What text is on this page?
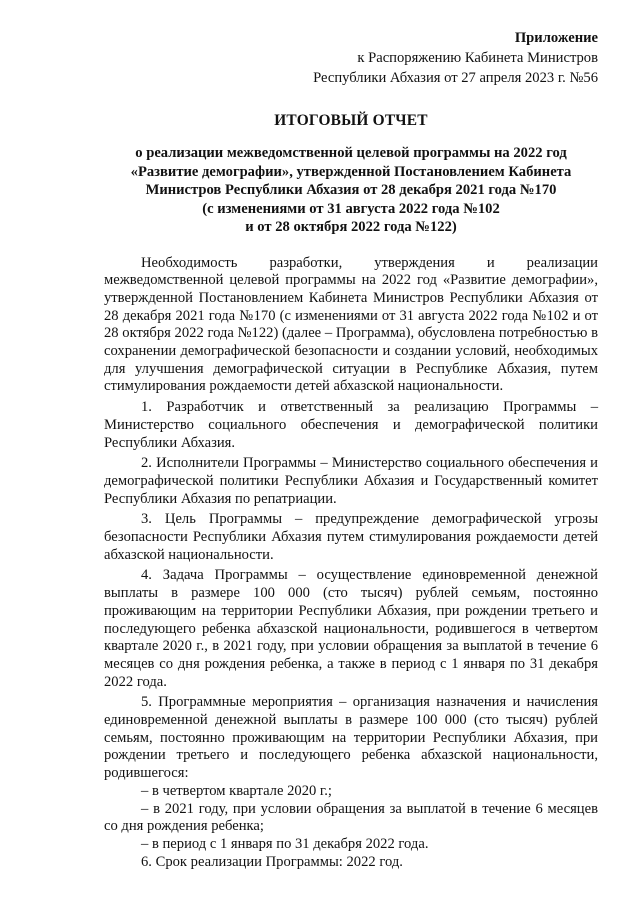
Приложение
к Распоряжению Кабинета Министров
Республики Абхазия от 27 апреля 2023 г. №56
ИТОГОВЫЙ ОТЧЕТ
о реализации межведомственной целевой программы на 2022 год
«Развитие демографии», утвержденной Постановлением Кабинета
Министров Республики Абхазия от 28 декабря 2021 года №170
(с изменениями от 31 августа 2022 года №102
и от 28 октября 2022 года №122)

Необходимость разработки, утверждения и реализации межведомственной целевой программы на 2022 год «Развитие демографии», утвержденной Постановлением Кабинета Министров Республики Абхазия от 28 декабря 2021 года №170 (с изменениями от 31 августа 2022 года №102 и от 28 октября 2022 года №122) (далее – Программа), обусловлена потребностью в сохранении демографической безопасности и создании условий, необходимых для улучшения демографической ситуации в Республике Абхазия, путем стимулирования рождаемости детей абхазской национальности.

1. Разработчик и ответственный за реализацию Программы – Министерство социального обеспечения и демографической политики Республики Абхазия.

2. Исполнители Программы – Министерство социального обеспечения и демографической политики Республики Абхазия и Государственный комитет Республики Абхазия по репатриации.

3. Цель Программы – предупреждение демографической угрозы безопасности Республики Абхазия путем стимулирования рождаемости детей абхазской национальности.

4. Задача Программы – осуществление единовременной денежной выплаты в размере 100 000 (сто тысяч) рублей семьям, постоянно проживающим на территории Республики Абхазия, при рождении третьего и последующего ребенка абхазской национальности, родившегося в четвертом квартале 2020 г., в 2021 году, при условии обращения за выплатой в течение 6 месяцев со дня рождения ребенка, а также в период с 1 января по 31 декабря 2022 года.

5. Программные мероприятия – организация назначения и начисления единовременной денежной выплаты в размере 100 000 (сто тысяч) рублей семьям, постоянно проживающим на территории Республики Абхазия, при рождении третьего и последующего ребенка абхазской национальности, родившегося:

– в четвертом квартале 2020 г.;

– в 2021 году, при условии обращения за выплатой в течение 6 месяцев со дня рождения ребенка;

– в период с 1 января по 31 декабря 2022 года.

6. Срок реализации Программы: 2022 год.
